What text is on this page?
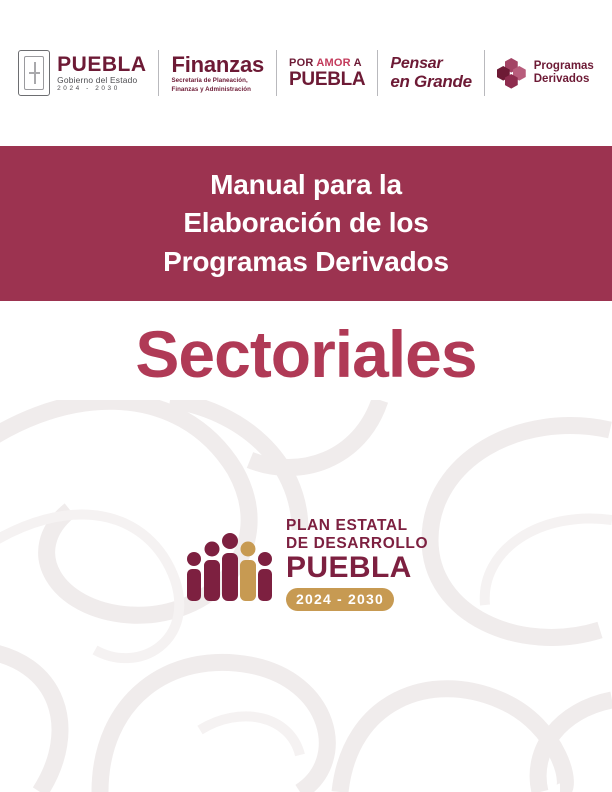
PUEBLA
Gobierno del Estado
2024 - 2030
Finanzas
Secretaría de Planeación,
Finanzas y Administración
POR AMOR A
PUEBLA
Pensar
en Grande
Programas
Derivados
Manual para la
Elaboración de los
Programas Derivados
Sectoriales
PLAN ESTATAL
DE DESARROLLO
PUEBLA
2024 - 2030
